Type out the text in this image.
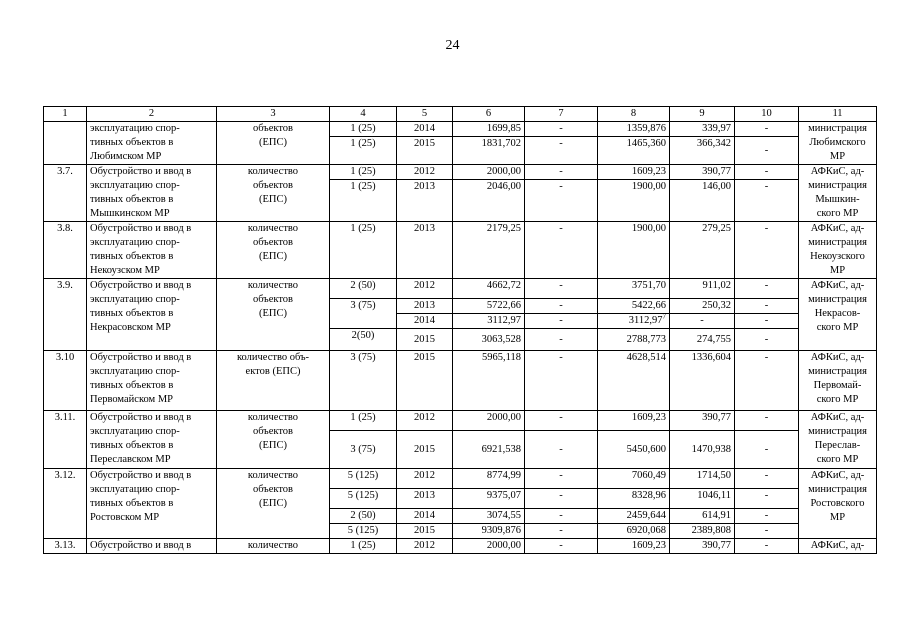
24
1	2	3	4	5	6	7	8	9	10	11

	эксплуатацию спор-
тивных объектов в
Любимском МР	объектов
(ЕПС)	1 (25)	2014	1699,85	-	1359,876	339,97	-	министрация
Любимского
МР

			1 (25)	2015	1831,702	-	1465,360	366,342	-	
3.7.	Обустройство и ввод в
эксплуатацию спор-
тивных объектов в
Мышкинском МР	количество
объектов
(ЕПС)	1 (25)	2012	2000,00	-	1609,23	390,77	-	АФКиС, ад-
министрация
Мышкин-
ского МР

			1 (25)	2013	2046,00	-	1900,00	146,00	-	
3.8.	Обустройство и ввод в
эксплуатацию спор-
тивных объектов в
Некоузском МР	количество
объектов
(ЕПС)	1 (25)	2013	2179,25	-	1900,00	279,25	-	АФКиС, ад-
министрация
Некоузского
МР

3.9.	Обустройство и ввод в
эксплуатацию спор-
тивных объектов в
Некрасовском МР	количество
объектов
(ЕПС)	2 (50)	2012	4662,72	-	3751,70	911,02	-	АФКиС, ад-
министрация
Некрасов-
ского МР

			3 (75)	2013	5722,66	-	5422,66	250,32	-	
				2014	3112,97	-	3112,97$^7$	-	-	
			2(50)	2015	3063,528	-	2788,773	274,755	-	
3.10	Обустройство и ввод в
эксплуатацию спор-
тивных объектов в
Первомайском МР	количество объ-
ектов (ЕПС)	3 (75)	2015	5965,118	-	4628,514	1336,604	-	АФКиС, ад-
министрация
Первомай-
ского МР

3.11.	Обустройство и ввод в
эксплуатацию спор-
тивных объектов в
Переславском МР	количество
объектов
(ЕПС)	1 (25)	2012	2000,00	-	1609,23	390,77	-	АФКиС, ад-
министрация
Переслав-
ского МР

			3 (75)	2015	6921,538	-	5450,600	1470,938	-	
3.12.	Обустройство и ввод в
эксплуатацию спор-
тивных объектов в
Ростовском МР	количество
объектов
(ЕПС)	5 (125)	2012	8774,99	-	7060,49	1714,50	-	АФКиС, ад-
министрация
Ростовского
МР

			5 (125)	2013	9375,07	-	8328,96	1046,11	-	
			2 (50)	2014	3074,55	-	2459,644	614,91	-	
			5 (125)	2015	9309,876	-	6920,068	2389,808	-	
3.13.	Обустройство и ввод в	количество	1 (25)	2012	2000,00	-	1609,23	390,77	-	АФКиС, ад-
